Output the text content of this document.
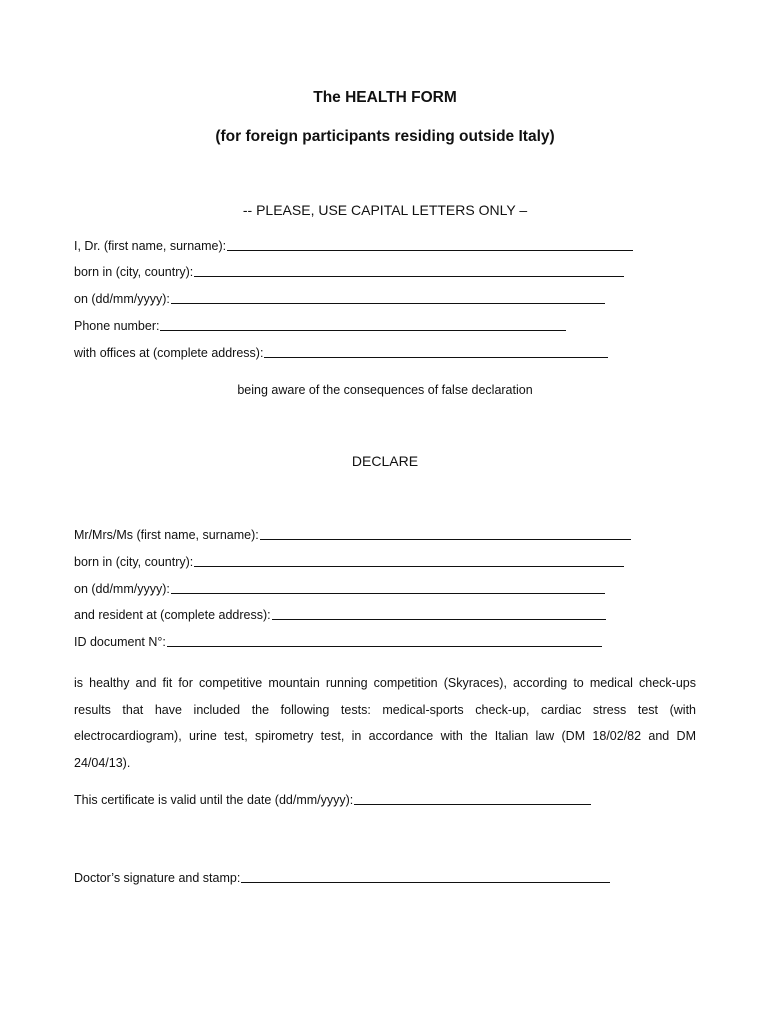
The HEALTH FORM
(for foreign participants residing outside Italy)
-- PLEASE, USE CAPITAL LETTERS ONLY –
I, Dr. (first name, surname):
born in (city, country):
on (dd/mm/yyyy):
Phone number:
with offices at (complete address):
being aware of the consequences of false declaration
DECLARE
Mr/Mrs/Ms (first name, surname):
born in (city, country):
on (dd/mm/yyyy):
and resident at (complete address):
ID document N°:

is healthy and fit for competitive mountain running competition (Skyraces), according to medical check-ups results that have included the following tests: medical-sports check-up, cardiac stress test (with electrocardiogram), urine test, spirometry test, in accordance with the Italian law (DM 18/02/82 and DM 24/04/13).

This certificate is valid until the date (dd/mm/yyyy):
Doctor’s signature and stamp:
